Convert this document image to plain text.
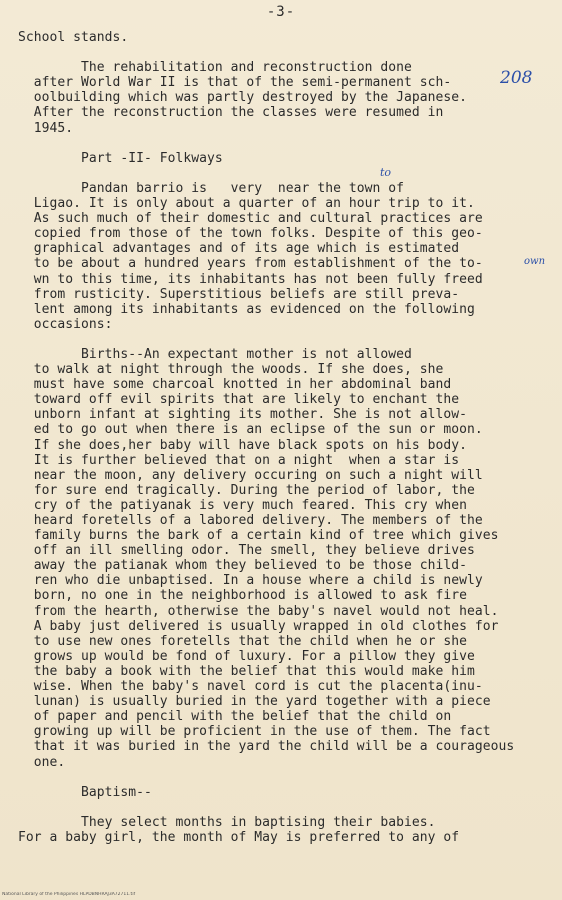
-3-
School stands.
The rehabilitation and reconstruction done
after World War II is that of the semi-permanent sch-
oolbuilding which was partly destroyed by the Japanese.
After the reconstruction the classes were resumed in
1945.
Part -II- Folkways
Pandan barrio is   very  near the town of
Ligao. It is only about a quarter of an hour trip to it.
As such much of their domestic and cultural practices are
copied from those of the town folks. Despite of this geo-
graphical advantages and of its age which is estimated
to be about a hundred years from establishment of the to-
wn to this time, its inhabitants has not been fully freed
from rusticity. Superstitious beliefs are still preva-
lent among its inhabitants as evidenced on the following
occasions:
Births--An expectant mother is not allowed
to walk at night through the woods. If she does, she
must have some charcoal knotted in her abdominal band
toward off evil spirits that are likely to enchant the
unborn infant at sighting its mother. She is not allow-
ed to go out when there is an eclipse of the sun or moon.
If she does,her baby will have black spots on his body.
It is further believed that on a night  when a star is
near the moon, any delivery occuring on such a night will
for sure end tragically. During the period of labor, the
cry of the patiyanak is very much feared. This cry when
heard foretells of a labored delivery. The members of the
family burns the bark of a certain kind of tree which gives
off an ill smelling odor. The smell, they believe drives
away the patianak whom they believed to be those child-
ren who die unbaptised. In a house where a child is newly
born, no one in the neighborhood is allowed to ask fire
from the hearth, otherwise the baby's navel would not heal.
A baby just delivered is usually wrapped in old clothes for
to use new ones foretells that the child when he or she
grows up would be fond of luxury. For a pillow they give
the baby a book with the belief that this would make him
wise. When the baby's navel cord is cut the placenta(inu-
lunan) is usually buried in the yard together with a piece
of paper and pencil with the belief that the child on
growing up will be proficient in the use of them. The fact
that it was buried in the yard the child will be a courageous
one.
Baptism--
They select months in baptising their babies.
For a baby girl, the month of May is preferred to any of
208
to
own
National Library of the Philippines HLPDBNHRAJ3A72711.tif
